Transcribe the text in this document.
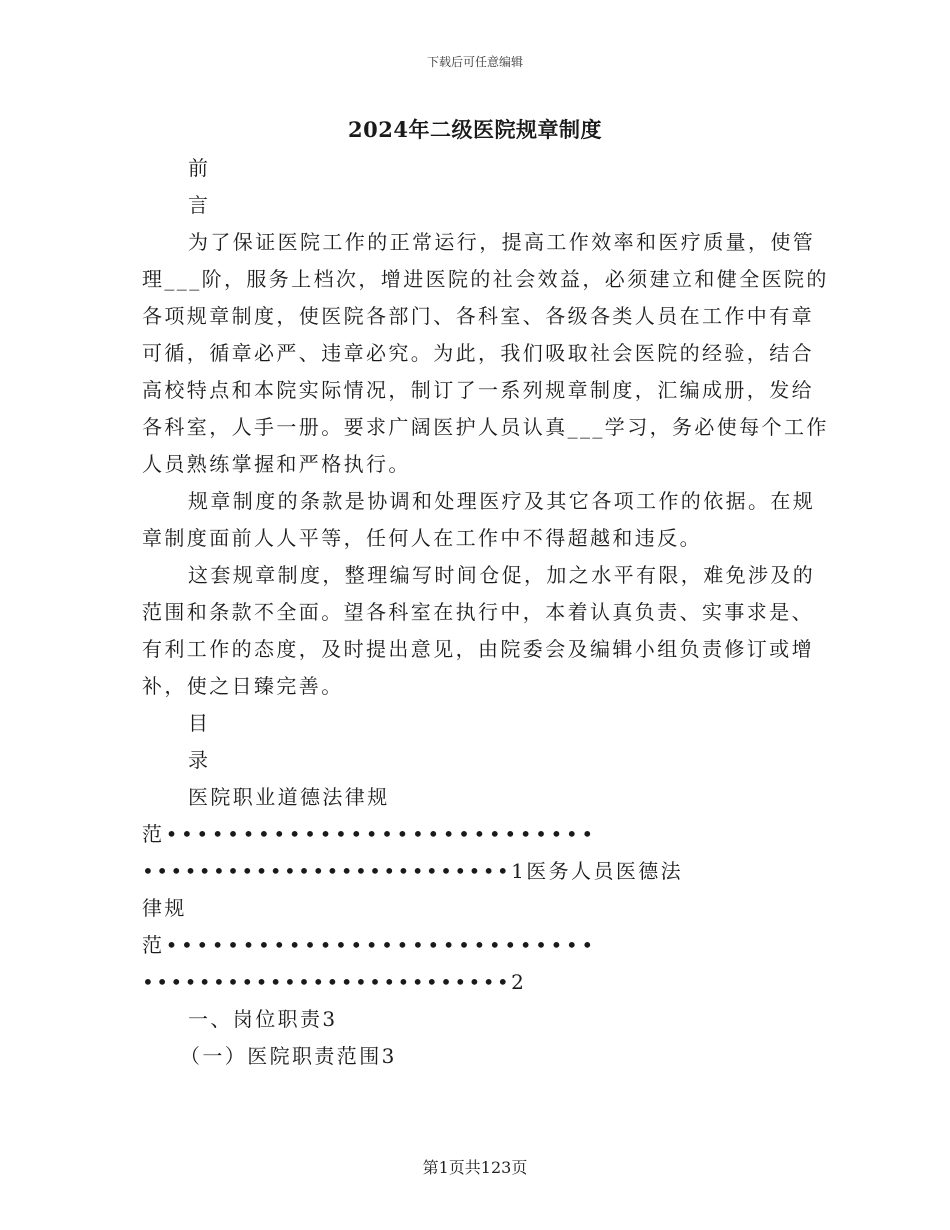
下载后可任意编辑
2024年二级医院规章制度
前
言
为了保证医院工作的正常运行，提高工作效率和医疗质量，使管
理___阶，服务上档次，增进医院的社会效益，必须建立和健全医院的
各项规章制度，使医院各部门、各科室、各级各类人员在工作中有章
可循，循章必严、违章必究。为此，我们吸取社会医院的经验，结合
高校特点和本院实际情况，制订了一系列规章制度，汇编成册，发给
各科室，人手一册。要求广阔医护人员认真___学习，务必使每个工作
人员熟练掌握和严格执行。
规章制度的条款是协调和处理医疗及其它各项工作的依据。在规
章制度面前人人平等，任何人在工作中不得超越和违反。
这套规章制度，整理编写时间仓促，加之水平有限，难免涉及的
范围和条款不全面。望各科室在执行中，本着认真负责、实事求是、
有利工作的态度，及时提出意见，由院委会及编辑小组负责修订或增
补，使之日臻完善。
目
录
医院职业道德法律规
范••••••••••••••••••••••••••••
••••••••••••••••••••••••••1医务人员医德法
律规
范••••••••••••••••••••••••••••
••••••••••••••••••••••••••2
一、岗位职责3
（一）医院职责范围3
第1页共123页
